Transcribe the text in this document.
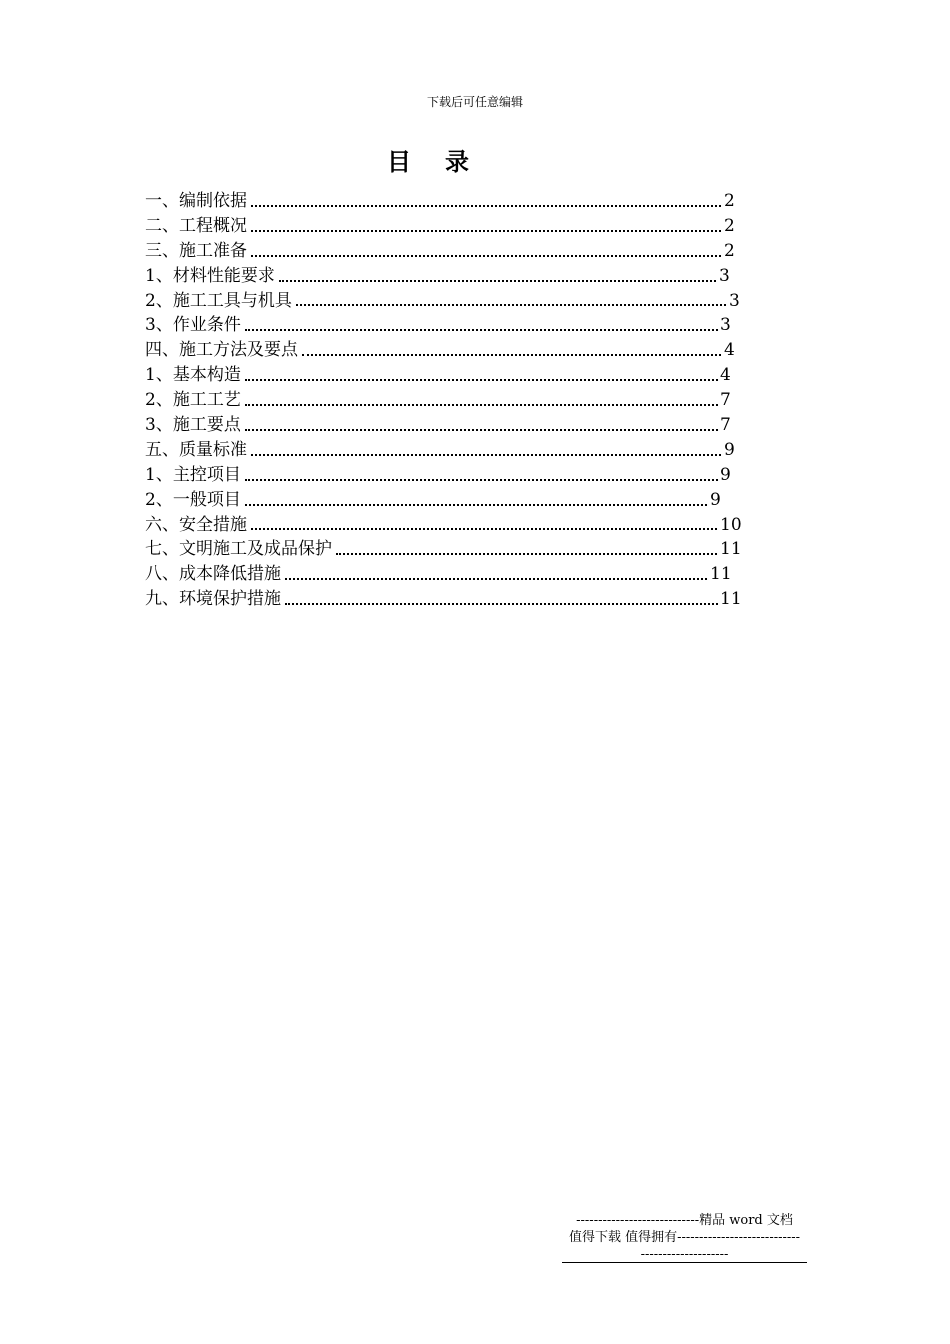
下载后可任意编辑
目录
一、编制依据	2
二、工程概况	2
三、施工准备	2
1、材料性能要求	3
2、施工工具与机具	3
3、作业条件	3
四、施工方法及要点	4
1、基本构造	4
2、施工工艺	7
3、施工要点	7
五、质量标准	9
1、主控项目	9
2、一般项目	9
六、安全措施	10
七、文明施工及成品保护	11
八、成本降低措施	11
九、环境保护措施	11
----------------------------精品 word 文档
值得下载 值得拥有----------------------------
--------------------
